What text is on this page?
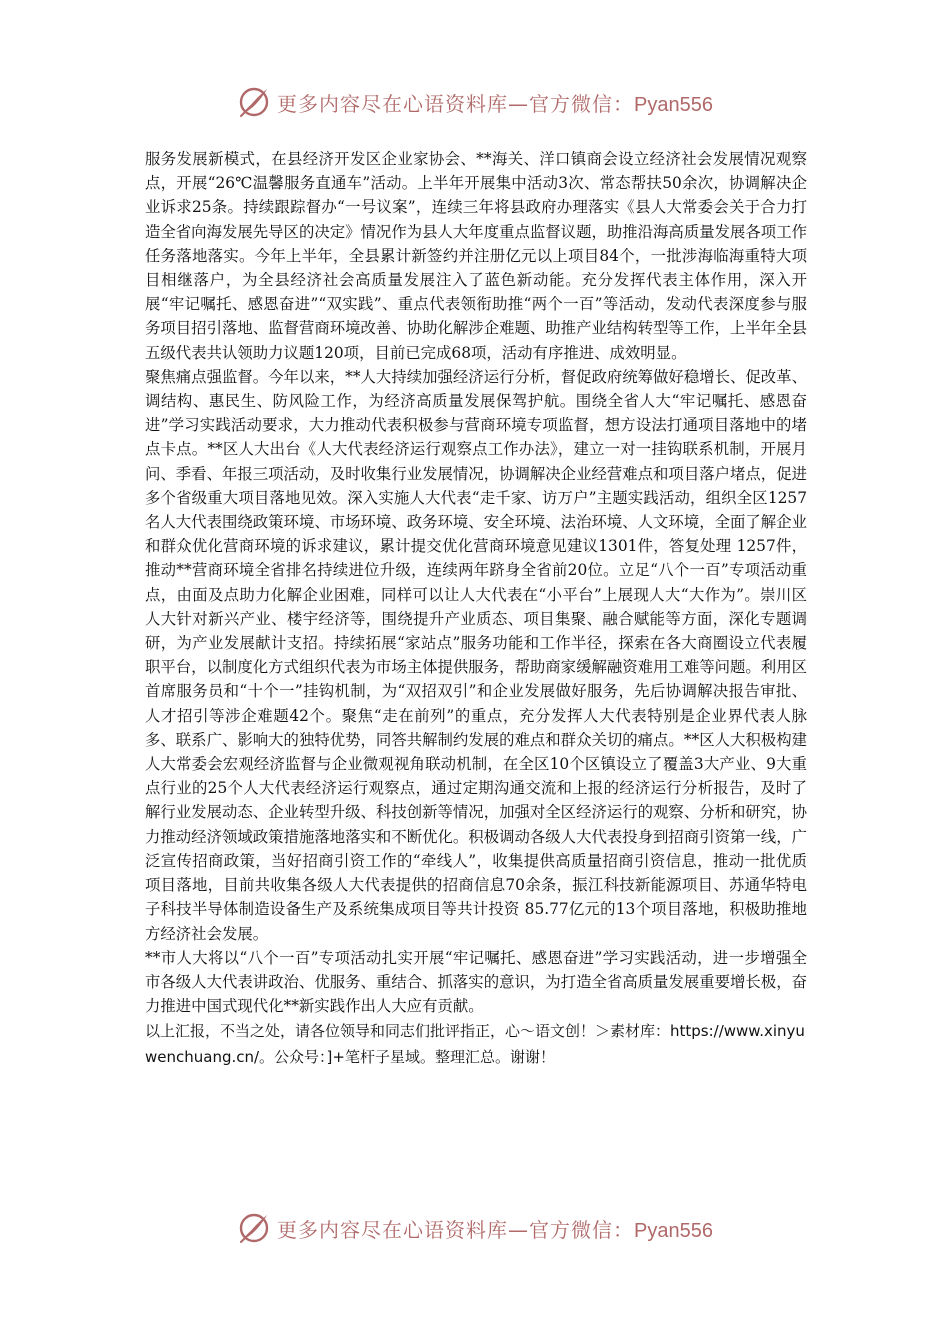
更多内容尽在心语资料库—官方微信：Pyan556

服务发展新模式，在县经济开发区企业家协会、**海关、洋口镇商会设立经济社会发展情况观察点，开展“26℃温馨服务直通车”活动。上半年开展集中活动3次、常态帮扶50余次，协调解决企业诉求25条。持续跟踪督办“一号议案”，连续三年将县政府办理落实《县人大常委会关于合力打造全省向海发展先导区的决定》情况作为县人大年度重点监督议题，助推沿海高质量发展各项工作任务落地落实。今年上半年，全县累计新签约并注册亿元以上项目84个，一批涉海临海重特大项目相继落户，为全县经济社会高质量发展注入了蓝色新动能。充分发挥代表主体作用，深入开展“牢记嘱托、感恩奋进”“双实践”、重点代表领衔助推“两个一百”等活动，发动代表深度参与服务项目招引落地、监督营商环境改善、协助化解涉企难题、助推产业结构转型等工作，上半年全县五级代表共认领助力议题120项，目前已完成68项，活动有序推进、成效明显。

聚焦痛点强监督。今年以来，**人大持续加强经济运行分析，督促政府统筹做好稳增长、促改革、调结构、惠民生、防风险工作，为经济高质量发展保驾护航。围绕全省人大“牢记嘱托、感恩奋进”学习实践活动要求，大力推动代表积极参与营商环境专项监督，想方设法打通项目落地中的堵点卡点。**区人大出台《人大代表经济运行观察点工作办法》，建立一对一挂钩联系机制，开展月问、季看、年报三项活动，及时收集行业发展情况，协调解决企业经营难点和项目落户堵点，促进多个省级重大项目落地见效。深入实施人大代表“走千家、访万户”主题实践活动，组织全区1257名人大代表围绕政策环境、市场环境、政务环境、安全环境、法治环境、人文环境，全面了解企业和群众优化营商环境的诉求建议，累计提交优化营商环境意见建议1301件，答复处理 1257件，推动**营商环境全省排名持续进位升级，连续两年跻身全省前20位。立足“八个一百”专项活动重点，由面及点助力化解企业困难，同样可以让人大代表在“小平台”上展现人大“大作为”。崇川区人大针对新兴产业、楼宇经济等，围绕提升产业质态、项目集聚、融合赋能等方面，深化专题调研，为产业发展献计支招。持续拓展“家站点”服务功能和工作半径，探索在各大商圈设立代表履职平台，以制度化方式组织代表为市场主体提供服务，帮助商家缓解融资难用工难等问题。利用区首席服务员和“十个一”挂钩机制，为“双招双引”和企业发展做好服务，先后协调解决报告审批、人才招引等涉企难题42个。聚焦“走在前列”的重点，充分发挥人大代表特别是企业界代表人脉多、联系广、影响大的独特优势，同答共解制约发展的难点和群众关切的痛点。**区人大积极构建人大常委会宏观经济监督与企业微观视角联动机制，在全区10个区镇设立了覆盖3大产业、9大重点行业的25个人大代表经济运行观察点，通过定期沟通交流和上报的经济运行分析报告，及时了解行业发展动态、企业转型升级、科技创新等情况，加强对全区经济运行的观察、分析和研究，协力推动经济领域政策措施落地落实和不断优化。积极调动各级人大代表投身到招商引资第一线，广泛宣传招商政策，当好招商引资工作的“牵线人”，收集提供高质量招商引资信息，推动一批优质项目落地，目前共收集各级人大代表提供的招商信息70余条，振江科技新能源项目、苏通华特电子科技半导体制造设备生产及系统集成项目等共计投资 85.77亿元的13个项目落地，积极助推地方经济社会发展。

**市人大将以“八个一百”专项活动扎实开展“牢记嘱托、感恩奋进”学习实践活动，进一步增强全市各级人大代表讲政治、优服务、重结合、抓落实的意识，为打造全省高质量发展重要增长极，奋力推进中国式现代化**新实践作出人大应有贡献。

以上汇报，不当之处，请各位领导和同志们批评指正，心～语文创！＞素材库：https://www.xinyuwenchuang.cn/。公众号：]+笔杆子星域。整理汇总。谢谢！

更多内容尽在心语资料库—官方微信：Pyan556
